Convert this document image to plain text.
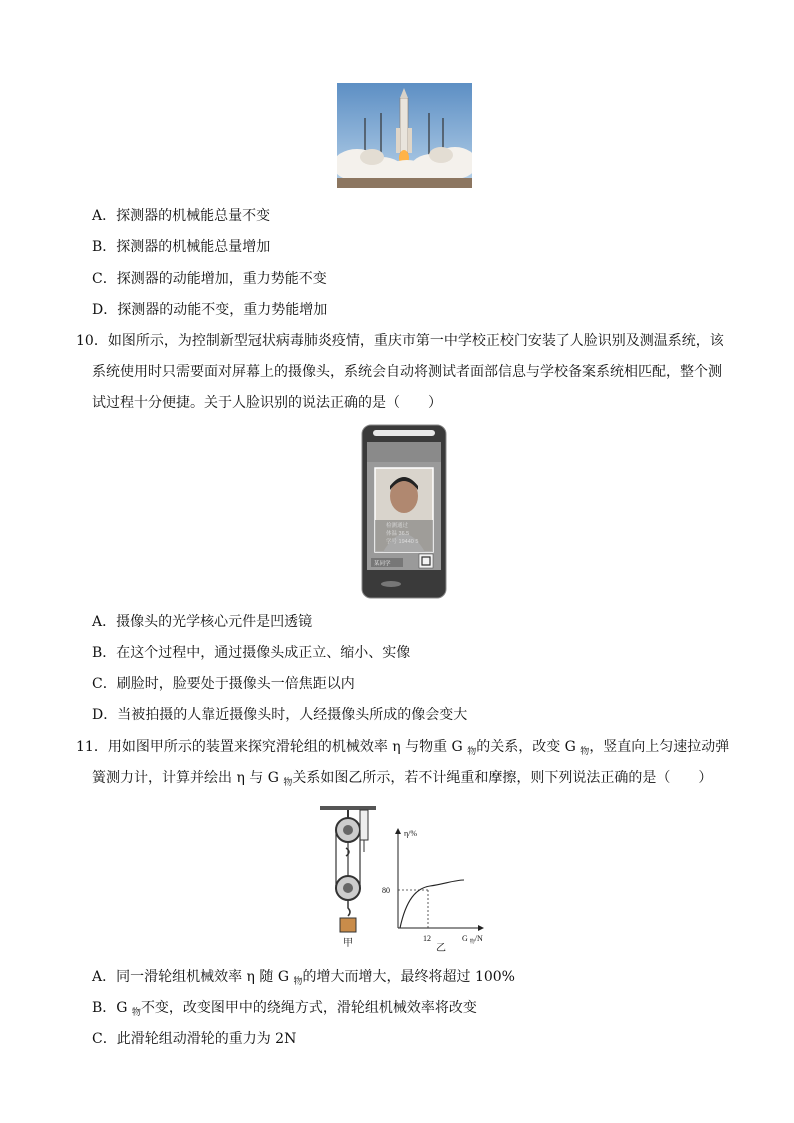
A．探测器的机械能总量不变
B．探测器的机械能总量增加
C．探测器的动能增加，重力势能不变
D．探测器的动能不变，重力势能增加
10．如图所示，为控制新型冠状病毒肺炎疫情，重庆市第一中学校正校门安装了人脸识别及测温系统，该
系统使用时只需要面对屏幕上的摄像头，系统会自动将测试者面部信息与学校备案系统相匹配，整个测
试过程十分便捷。关于人脸识别的说法正确的是（　　）
检测通过
体温 36.5
学号 19440 5
某同学
A．摄像头的光学核心元件是凹透镜
B．在这个过程中，通过摄像头成正立、缩小、实像
C．刷脸时，脸要处于摄像头一倍焦距以内
D．当被拍摄的人靠近摄像头时，人经摄像头所成的像会变大
11．用如图甲所示的装置来探究滑轮组的机械效率 η 与物重 G $_物$的关系，改变 G $_物$，竖直向上匀速拉动弹
簧测力计，计算并绘出 η 与 G $_物$关系如图乙所示，若不计绳重和摩擦，则下列说法正确的是（　　）
甲
η/%
80
12	G $_物$/N
乙
A．同一滑轮组机械效率 η 随 G $_物$的增大而增大，最终将超过 100%
B．G $_物$不变，改变图甲中的绕绳方式，滑轮组机械效率将改变
C．此滑轮组动滑轮的重力为 2N
